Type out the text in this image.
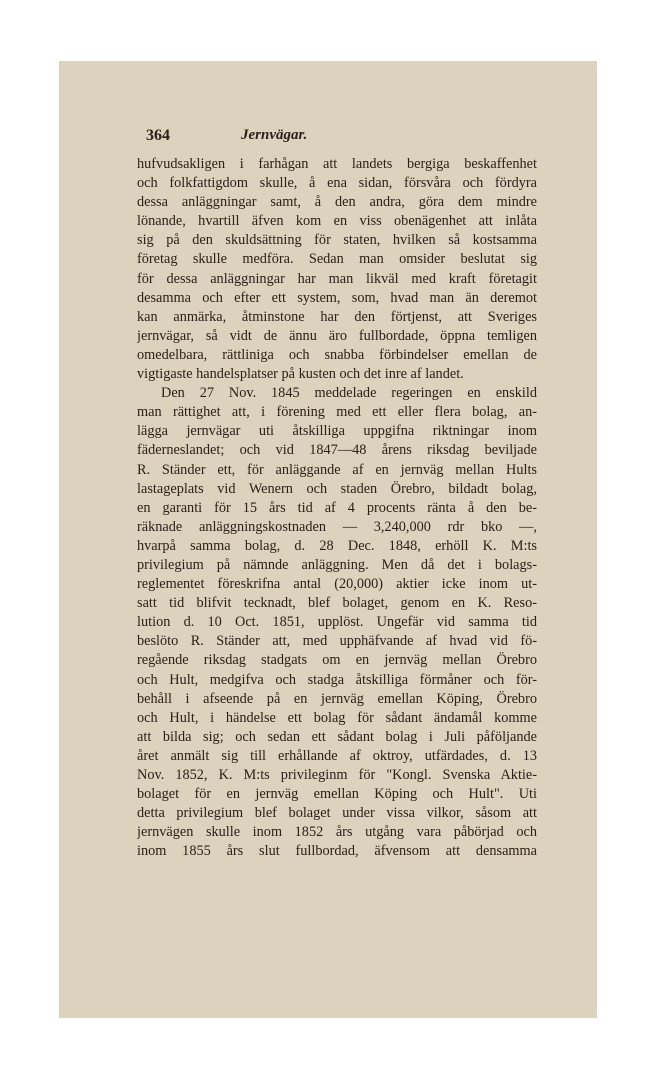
364	Jernvägar.
hufvudsakligen i farhågan att landets bergiga beskaffenhet
och folkfattigdom skulle, å ena sidan, försvåra och fördyra
dessa anläggningar samt, å den andra, göra dem mindre
lönande, hvartill äfven kom en viss obenägenhet att inlåta
sig på den skuldsättning för staten, hvilken så kostsamma
företag skulle medföra. Sedan man omsider beslutat sig
för dessa anläggningar har man likväl med kraft företagit
desamma och efter ett system, som, hvad man än deremot
kan anmärka, åtminstone har den förtjenst, att Sveriges
jernvägar, så vidt de ännu äro fullbordade, öppna temligen
omedelbara, rättliniga och snabba förbindelser emellan de
vigtigaste handelsplatser på kusten och det inre af landet.
Den 27 Nov. 1845 meddelade regeringen en enskild
man rättighet att, i förening med ett eller flera bolag, an-
lägga jernvägar uti åtskilliga uppgifna riktningar inom
fäderneslandet; och vid 1847—48 årens riksdag beviljade
R. Ständer ett, för anläggande af en jernväg mellan Hults
lastageplats vid Wenern och staden Örebro, bildadt bolag,
en garanti för 15 års tid af 4 procents ränta å den be-
räknade anläggningskostnaden — 3,240,000 rdr bko —,
hvarpå samma bolag, d. 28 Dec. 1848, erhöll K. M:ts
privilegium på nämnde anläggning. Men då det i bolags-
reglementet föreskrifna antal (20,000) aktier icke inom ut-
satt tid blifvit tecknadt, blef bolaget, genom en K. Reso-
lution d. 10 Oct. 1851, upplöst. Ungefär vid samma tid
beslöto R. Ständer att, med upphäfvande af hvad vid fö-
regående riksdag stadgats om en jernväg mellan Örebro
och Hult, medgifva och stadga åtskilliga förmåner och för-
behåll i afseende på en jernväg emellan Köping, Örebro
och Hult, i händelse ett bolag för sådant ändamål komme
att bilda sig; och sedan ett sådant bolag i Juli påföljande
året anmält sig till erhållande af oktroy, utfärdades, d. 13
Nov. 1852, K. M:ts privileginm för "Kongl. Svenska Aktie-
bolaget för en jernväg emellan Köping och Hult". Uti
detta privilegium blef bolaget under vissa vilkor, såsom att
jernvägen skulle inom 1852 års utgång vara påbörjad och
inom 1855 års slut fullbordad, äfvensom att densamma
